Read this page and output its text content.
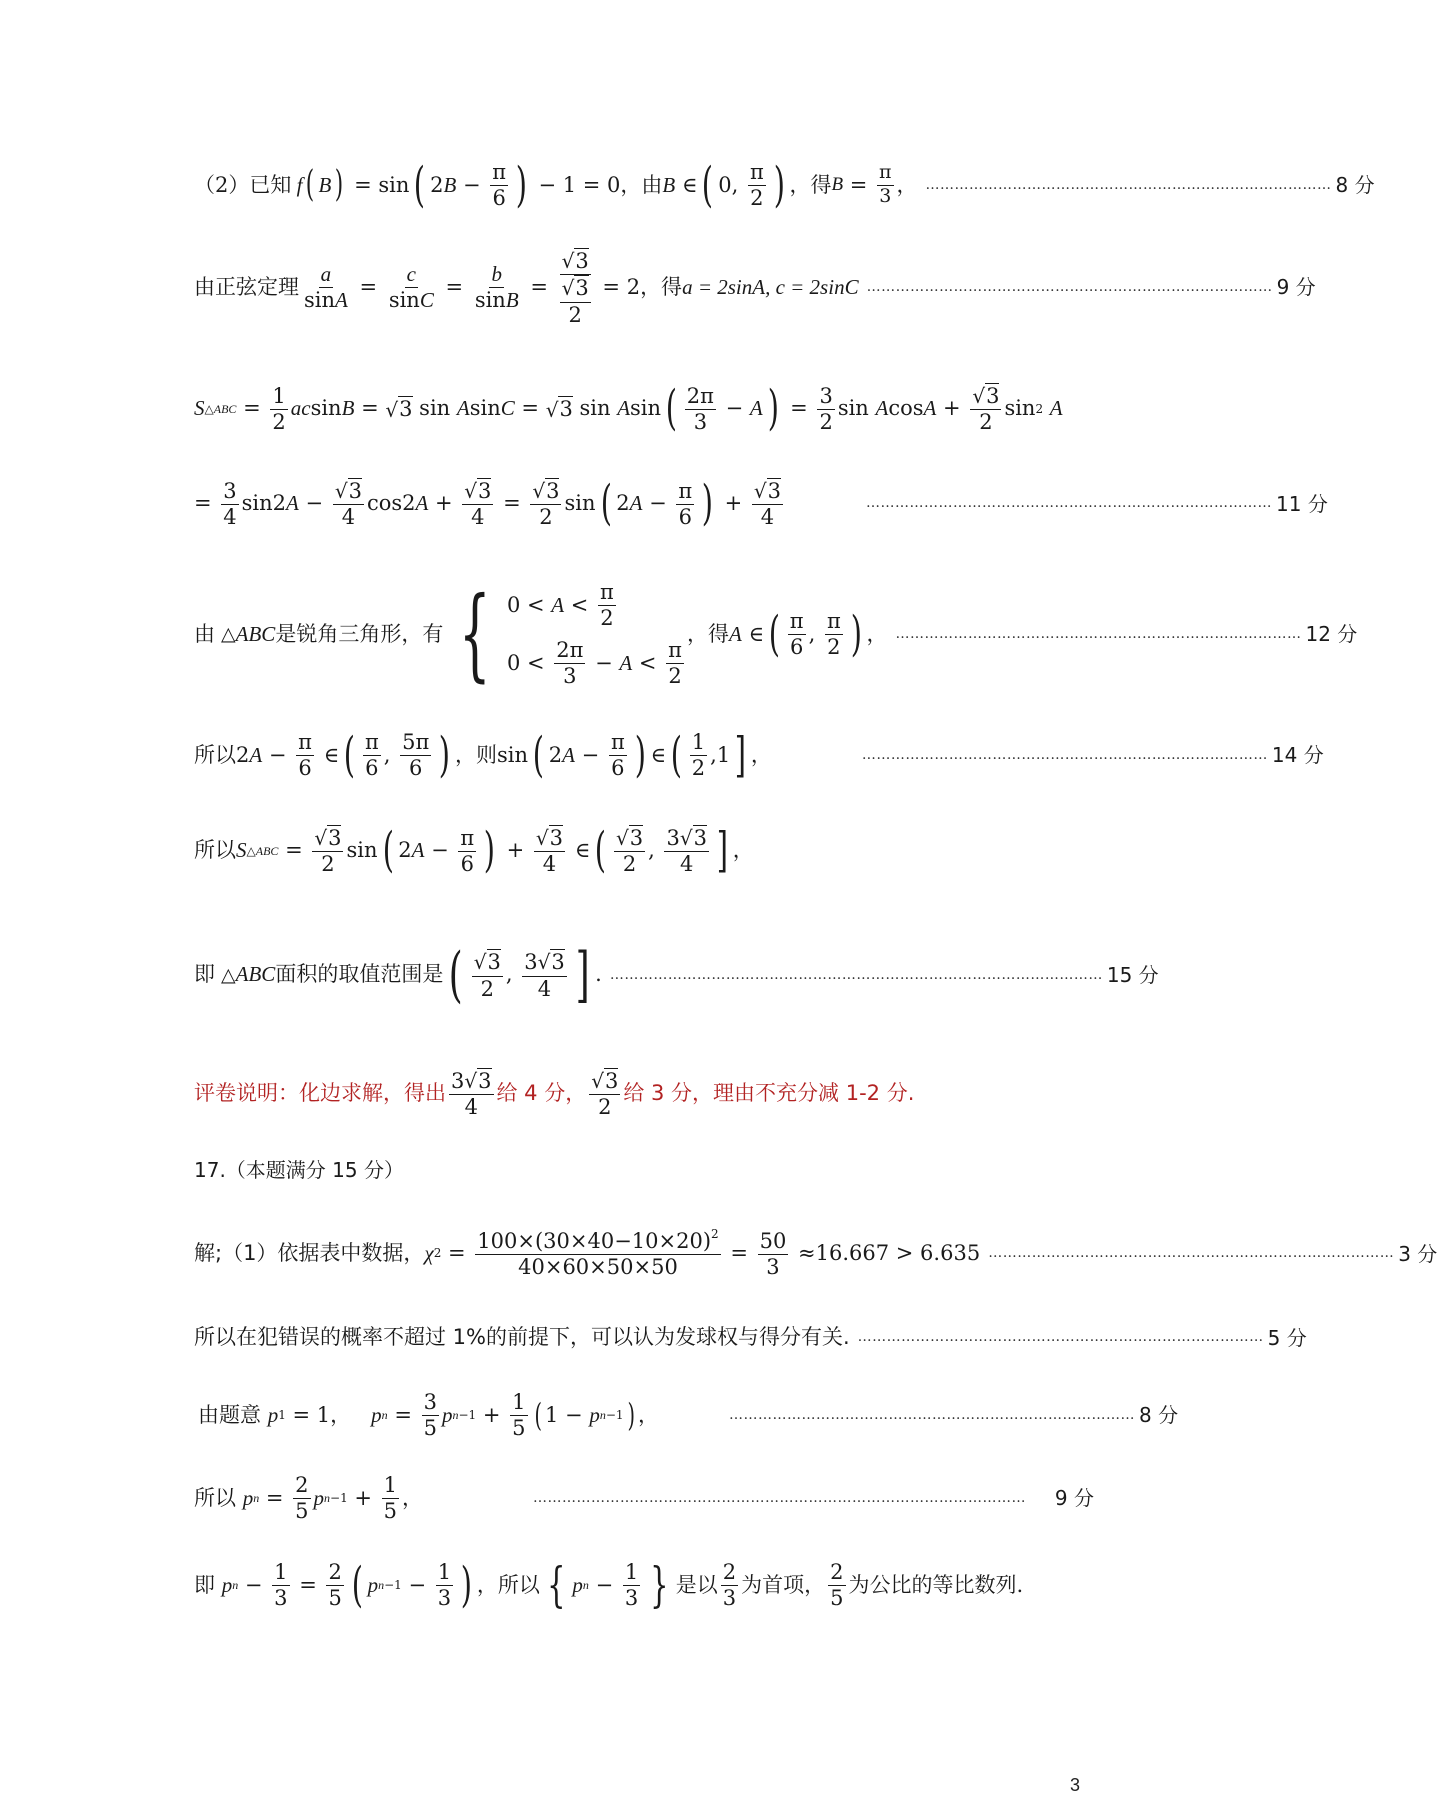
（2）已知 f ( B ) = sin ( 2 $B - \frac{\pi}{6}$ ) − 1 = 0 ，由 B ∈ ( 0, $\frac{\pi}{2}$ ) ，得 $B = \frac{\pi}{3}$ ， ………………………………………………………………………… 8 分
由正弦定理 $\frac{a}{\sin A} = \frac{c}{\sin C} = \frac{b}{\sin B} = \frac{√ 3}{\frac{√ 3}{2}} = 2$ ，得 a = 2sinA, c = 2sinC ………………………………………………………………………… 9 分
S △ABC = $\frac{1}{2}$ ac sin B = √ 3 sin A sin C = √ 3 sin A sin ( $\frac{2\pi}{3} - A$ ) = $\frac{3}{2}$ sin A $\cos A + \frac{√ 3}{2}$ sin 2
A
= $\frac{3}{4} \sin 2$ $A - \frac{√ 3}{4} \cos 2$ $A + \frac{√ 3}{4} = \frac{√ 3}{2}$ sin ( 2 $A - \frac{\pi}{6}$ ) + $\frac{√ 3}{4}$	………………………………………………………………………… 11 分
由 △ ABC 是锐角三角形，有 { $0 < A < \frac{\pi}{2}$
$0 < \frac{2\pi}{3} - A < \frac{\pi}{2}$
，得 A ∈ ( $\frac{\pi}{6}$ , $\frac{\pi}{2}$ ) ， ………………………………………………………………………… 12 分
所以 2 $A - \frac{\pi}{6}$ ∈ ( $\frac{\pi}{6}$ , $\frac{5\pi}{6}$ ) ，则 sin ( 2 $A - \frac{\pi}{6}$ ) ∈ ( $\frac{1}{2} ,1$ ] ，	………………………………………………………………………… 14 分
所以 S △ABC = $\frac{√ 3}{2}$ sin ( 2 $A - \frac{\pi}{6}$ ) + $\frac{√ 3}{4}$ ∈ ( $\frac{√ 3}{2}$ , $\frac{3 √ 3}{4}$ ] ，
即 △ ABC 面积的取值范围是 ( $\frac{√ 3}{2}$ , $\frac{3 √ 3}{4}$ ] . ………………………………………………………………………………………… 15 分
评卷说明：化边求解，得出 $\frac{3 √ 3}{4}$ 给 4 分， $\frac{√ 3}{2}$ 给 3 分，理由不充分减 1-2 分.
17.（本题满分 15 分）
解;（1）依据表中数据， χ $2 = \frac{100\times(30\times 40-10\times 20)^2}{40\times 60\times 50\times 50} = \frac{50}{3} \approx 16.667 > 6.635$ ………………………………………………………………………… 3 分
所以在犯错误的概率不超过 1%的前提下，可以认为发球权与得分有关. ………………………………………………………………………… 5 分
由题意
p 1 = 1， p $n = \frac{3}{5}$ p $n-1 + \frac{1}{5}$ ( 1 − p n−1 ) ，	………………………………………………………………………… 8 分
所以
p $n = \frac{2}{5}$ p $n-1 + \frac{1}{5}$ ，	…………………………………………………………………………………………	9 分
即
p $n - \frac{1}{3} = \frac{2}{5}$ ( p $n-1 - \frac{1}{3}$ ) ，所以 { p $n - \frac{1}{3}$ } 是以 $\frac{2}{3}$ 为首项， $\frac{2}{5}$ 为公比的等比数列.
3
